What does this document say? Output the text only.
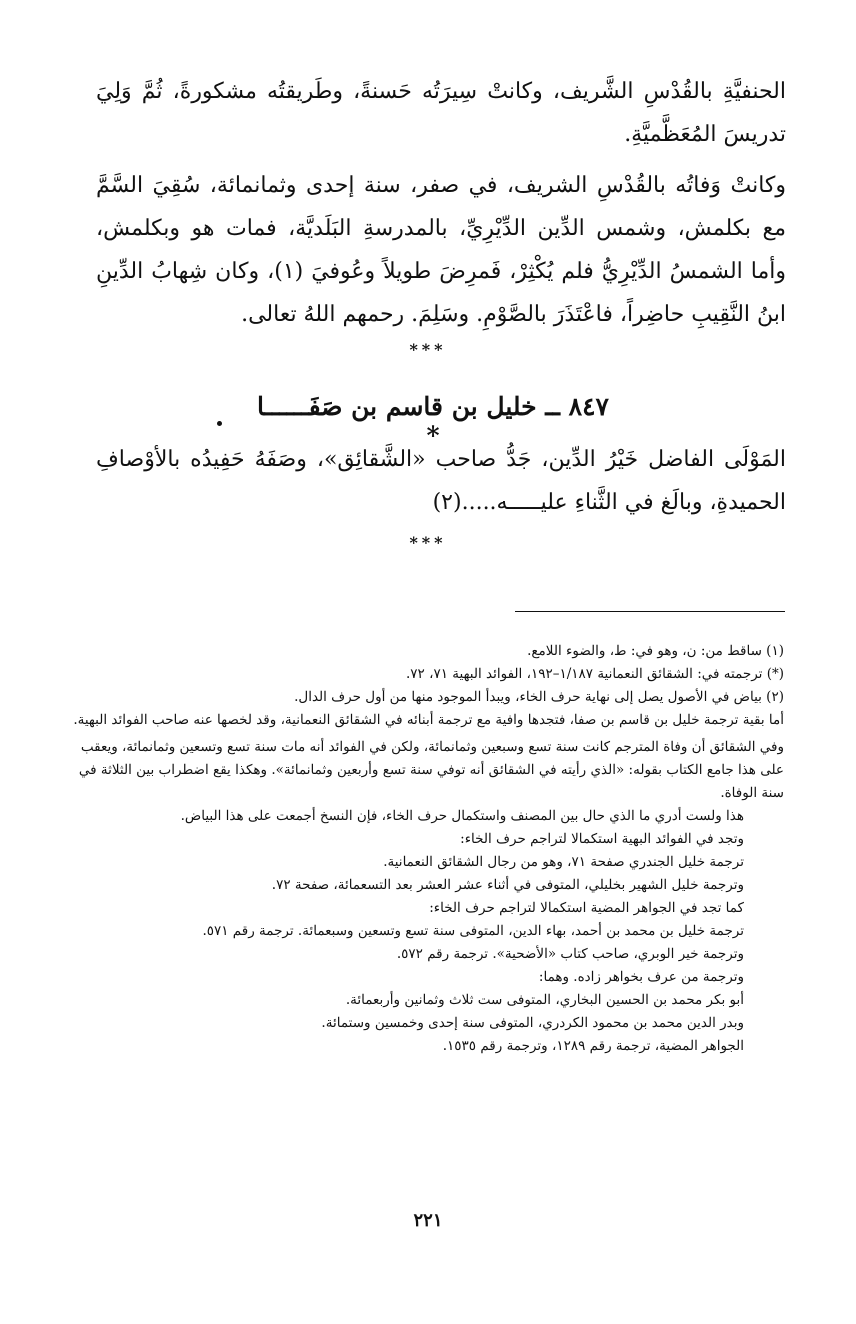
الحنفيَّةِ بالقُدْسِ الشَّريف، وكانتْ سِيرَتُه حَسنةً، وطَريقتُه مشكورةً، ثُمَّ وَلِيَ تدريسَ المُعَظَّميَّةِ.

وكانتْ وَفاتُه بالقُدْسِ الشريف، في صفر، سنة إحدى وثمانمائة، سُقِيَ السَّمَّ مع بكلمش، وشمس الدِّين الدِّيْرِيِّ، بالمدرسةِ البَلَديَّة، فمات هو وبكلمش، وأما الشمسُ الدِّيْرِيُّ فلم يُكْثِرْ، فَمرِضَ طويلاً وعُوفيَ (١)، وكان شِهابُ الدِّينِ ابنُ النَّقِيبِ حاضِراً، فاعْتَذَرَ بالصَّوْمِ. وسَلِمَ. رحمهم اللهُ تعالى.

***
٨٤٧ ــ خليل بن قاسم بن صَفَــــــا *

المَوْلَى الفاضل خَيْرُ الدِّين، جَدُّ صاحب «الشَّقائِق»، وصَفَهُ حَفِيدُه بالأوْصافِ الحميدةِ، وبالَغ في الثَّناءِ عليـــــه.....(٢)

***

(١) ساقط من: ن، وهو في: ط، والضوء اللامع.

(*) ترجمته في: الشقائق النعمانية ١/١٨٧–١٩٢، الفوائد البهية ٧١، ٧٢.

(٢) بياض في الأصول يصل إلى نهاية حرف الخاء، ويبدأ الموجود منها من أول حرف الدال.

أما بقية ترجمة خليل بن قاسم بن صفا، فتجدها وافية مع ترجمة أبنائه في الشقائق النعمانية، وقد لخصها عنه صاحب الفوائد البهية.

وفي الشقائق أن وفاة المترجم كانت سنة تسع وسبعين وثمانمائة، ولكن في الفوائد أنه مات سنة تسع وتسعين وثمانمائة، ويعقب على هذا جامع الكتاب بقوله: «الذي رأيته في الشقائق أنه توفي سنة تسع وأربعين وثمانمائة». وهكذا يقع اضطراب بين الثلاثة في سنة الوفاة.

هذا ولست أدري ما الذي حال بين المصنف واستكمال حرف الخاء، فإن النسخ أجمعت على هذا البياض.

وتجد في الفوائد البهية استكمالا لتراجم حرف الخاء:

ترجمة خليل الجندري صفحة ٧١، وهو من رجال الشقائق النعمانية.

وترجمة خليل الشهير بخليلي، المتوفى في أثناء عشر العشر بعد التسعمائة، صفحة ٧٢.

كما تجد في الجواهر المضية استكمالا لتراجم حرف الخاء:

ترجمة خليل بن محمد بن أحمد، بهاء الدين، المتوفى سنة تسع وتسعين وسبعمائة. ترجمة رقم ٥٧١.

وترجمة خير الوبري، صاحب كتاب «الأضحية». ترجمة رقم ٥٧٢.

وترجمة من عرف بخواهر زاده. وهما:

أبو بكر محمد بن الحسين البخاري، المتوفى ست ثلاث وثمانين وأربعمائة.

وبدر الدين محمد بن محمود الكردري، المتوفى سنة إحدى وخمسين وستمائة.

الجواهر المضية، ترجمة رقم ١٢٨٩، وترجمة رقم ١٥٣٥.

٢٢١
